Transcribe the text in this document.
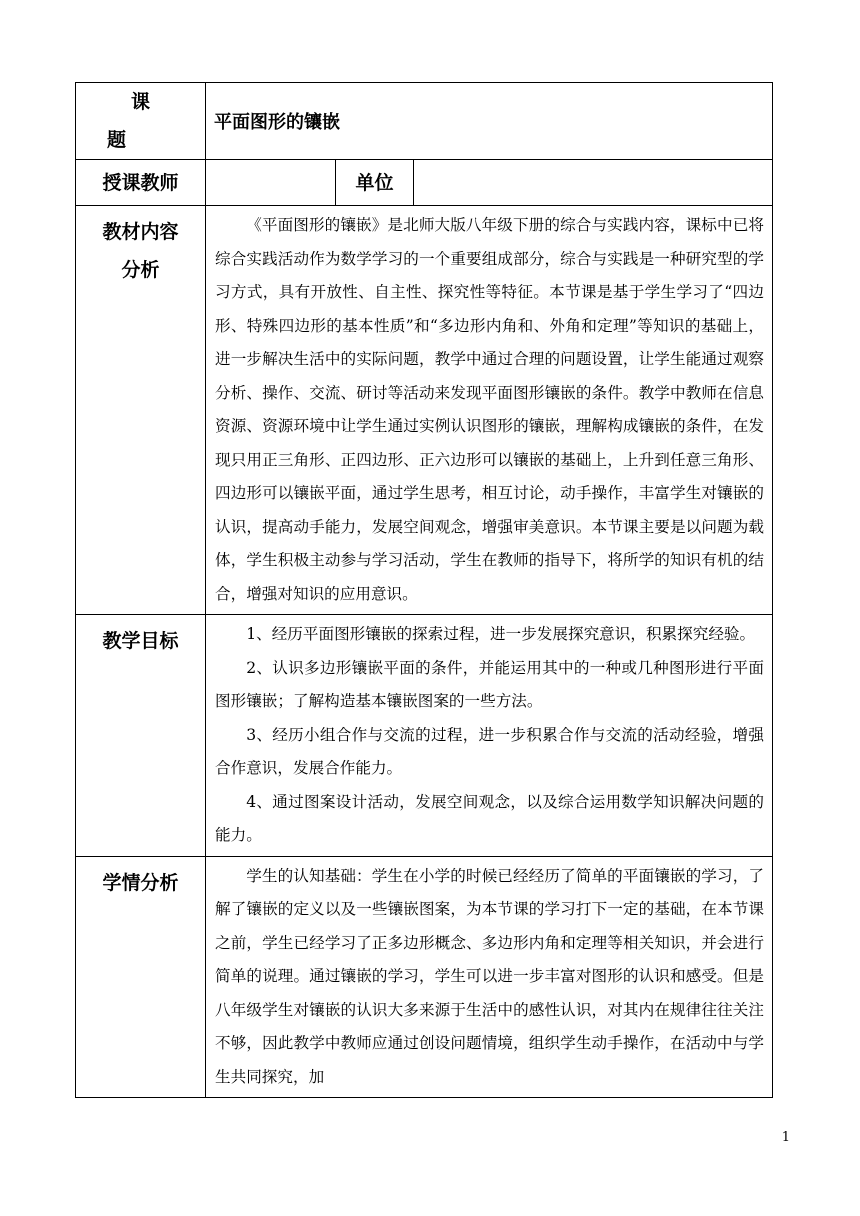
课 题	平面图形的镶嵌		
授课教师		单位	

教材内容
分析	《平面图形的镶嵌》是北师大版八年级下册的综合与实践内容，课标中已将综合实践活动作为数学学习的一个重要组成部分，综合与实践是一种研究型的学习方式，具有开放性、自主性、探究性等特征。本节课是基于学生学习了“四边形、特殊四边形的基本性质”和“多边形内角和、外角和定理”等知识的基础上，进一步解决生活中的实际问题，教学中通过合理的问题设置，让学生能通过观察分析、操作、交流、研讨等活动来发现平面图形镶嵌的条件。教学中教师在信息资源、资源环境中让学生通过实例认识图形的镶嵌，理解构成镶嵌的条件，在发现只用正三角形、正四边形、正六边形可以镶嵌的基础上，上升到任意三角形、四边形可以镶嵌平面，通过学生思考，相互讨论，动手操作，丰富学生对镶嵌的认识，提高动手能力，发展空间观念，增强审美意识。本节课主要是以问题为载体，学生积极主动参与学习活动，学生在教师的指导下，将所学的知识有机的结合，增强对知识的应用意识。		

教学目标	1、经历平面图形镶嵌的探索过程，进一步发展探究意识，积累探究经验。

2、认识多边形镶嵌平面的条件，并能运用其中的一种或几种图形进行平面图形镶嵌；了解构造基本镶嵌图案的一些方法。

3、经历小组合作与交流的过程，进一步积累合作与交流的活动经验，增强合作意识，发展合作能力。

4、通过图案设计活动，发展空间观念，以及综合运用数学知识解决问题的能力。		

学情分析	学生的认知基础：学生在小学的时候已经经历了简单的平面镶嵌的学习，了解了镶嵌的定义以及一些镶嵌图案，为本节课的学习打下一定的基础，在本节课之前，学生已经学习了正多边形概念、多边形内角和定理等相关知识，并会进行简单的说理。通过镶嵌的学习，学生可以进一步丰富对图形的认识和感受。但是八年级学生对镶嵌的认识大多来源于生活中的感性认识，对其内在规律往往关注不够，因此教学中教师应通过创设问题情境，组织学生动手操作，在活动中与学生共同探究，加		

1
